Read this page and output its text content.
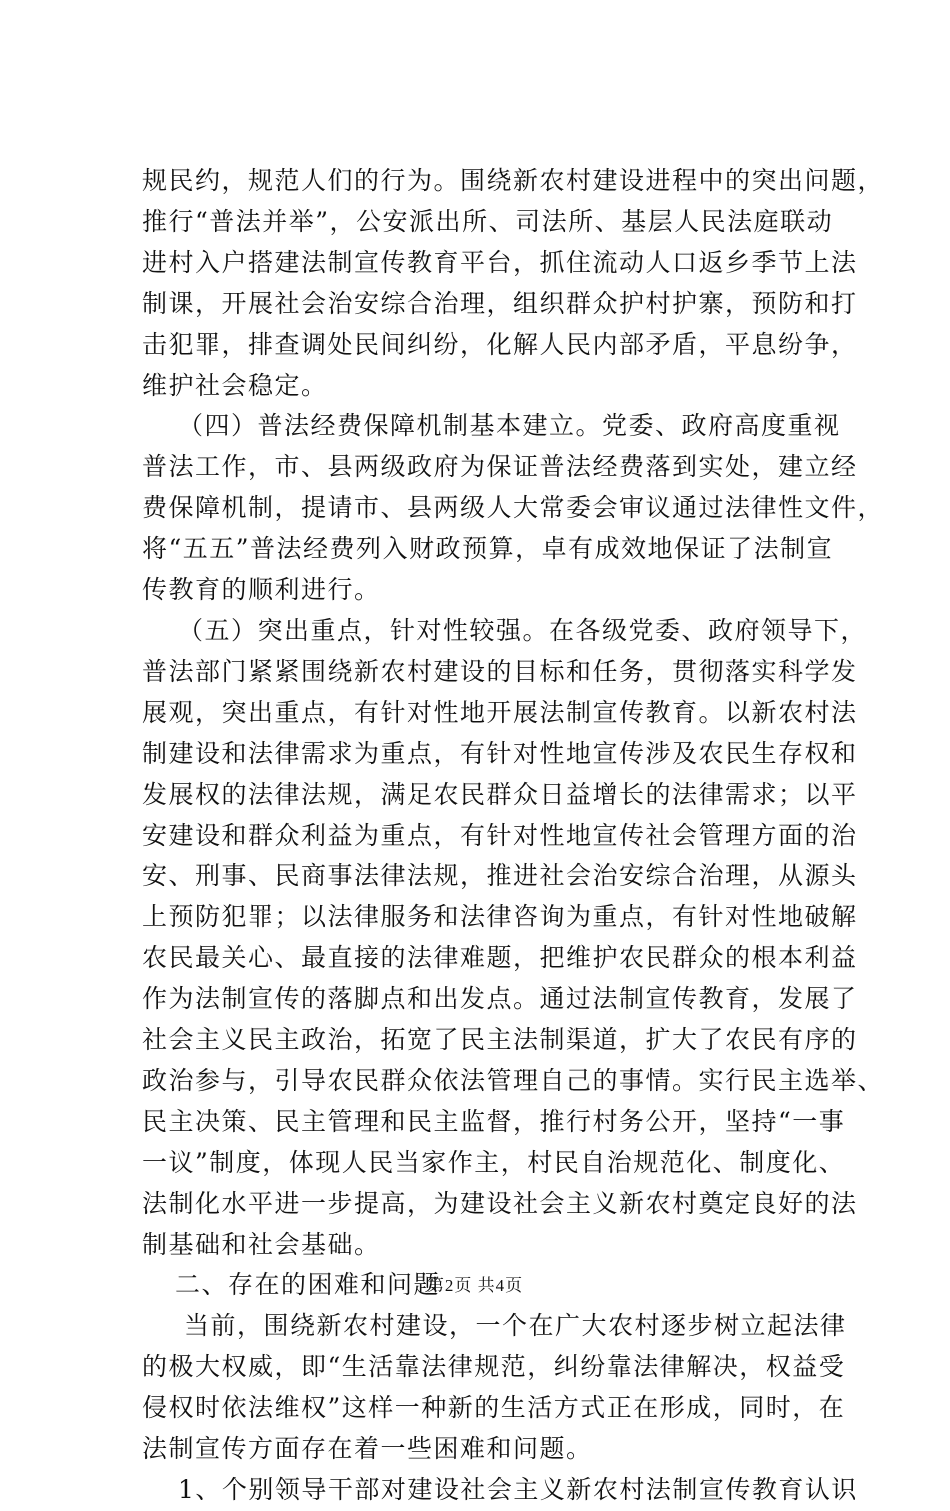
规民约，规范人们的行为。围绕新农村建设进程中的突出问题，
推行“普法并举”，公安派出所、司法所、基层人民法庭联动
进村入户搭建法制宣传教育平台，抓住流动人口返乡季节上法
制课，开展社会治安综合治理，组织群众护村护寨，预防和打
击犯罪，排查调处民间纠纷，化解人民内部矛盾，平息纷争，
维护社会稳定。

（四）普法经费保障机制基本建立。党委、政府高度重视
普法工作，市、县两级政府为保证普法经费落到实处，建立经
费保障机制，提请市、县两级人大常委会审议通过法律性文件，
将“五五”普法经费列入财政预算，卓有成效地保证了法制宣
传教育的顺利进行。

（五）突出重点，针对性较强。在各级党委、政府领导下，
普法部门紧紧围绕新农村建设的目标和任务，贯彻落实科学发
展观，突出重点，有针对性地开展法制宣传教育。以新农村法
制建设和法律需求为重点，有针对性地宣传涉及农民生存权和
发展权的法律法规，满足农民群众日益增长的法律需求；以平
安建设和群众利益为重点，有针对性地宣传社会管理方面的治
安、刑事、民商事法律法规，推进社会治安综合治理，从源头
上预防犯罪；以法律服务和法律咨询为重点，有针对性地破解
农民最关心、最直接的法律难题，把维护农民群众的根本利益
作为法制宣传的落脚点和出发点。通过法制宣传教育，发展了
社会主义民主政治，拓宽了民主法制渠道，扩大了农民有序的
政治参与，引导农民群众依法管理自己的事情。实行民主选举、
民主决策、民主管理和民主监督，推行村务公开，坚持“一事
一议”制度，体现人民当家作主，村民自治规范化、制度化、
法制化水平进一步提高，为建设社会主义新农村奠定良好的法
制基础和社会基础。

二、存在的困难和问题

当前，围绕新农村建设，一个在广大农村逐步树立起法律
的极大权威，即“生活靠法律规范，纠纷靠法律解决，权益受
侵权时依法维权”这样一种新的生活方式正在形成，同时，在
法制宣传方面存在着一些困难和问题。

1、个别领导干部对建设社会主义新农村法制宣传教育认识

第2页 共4页
